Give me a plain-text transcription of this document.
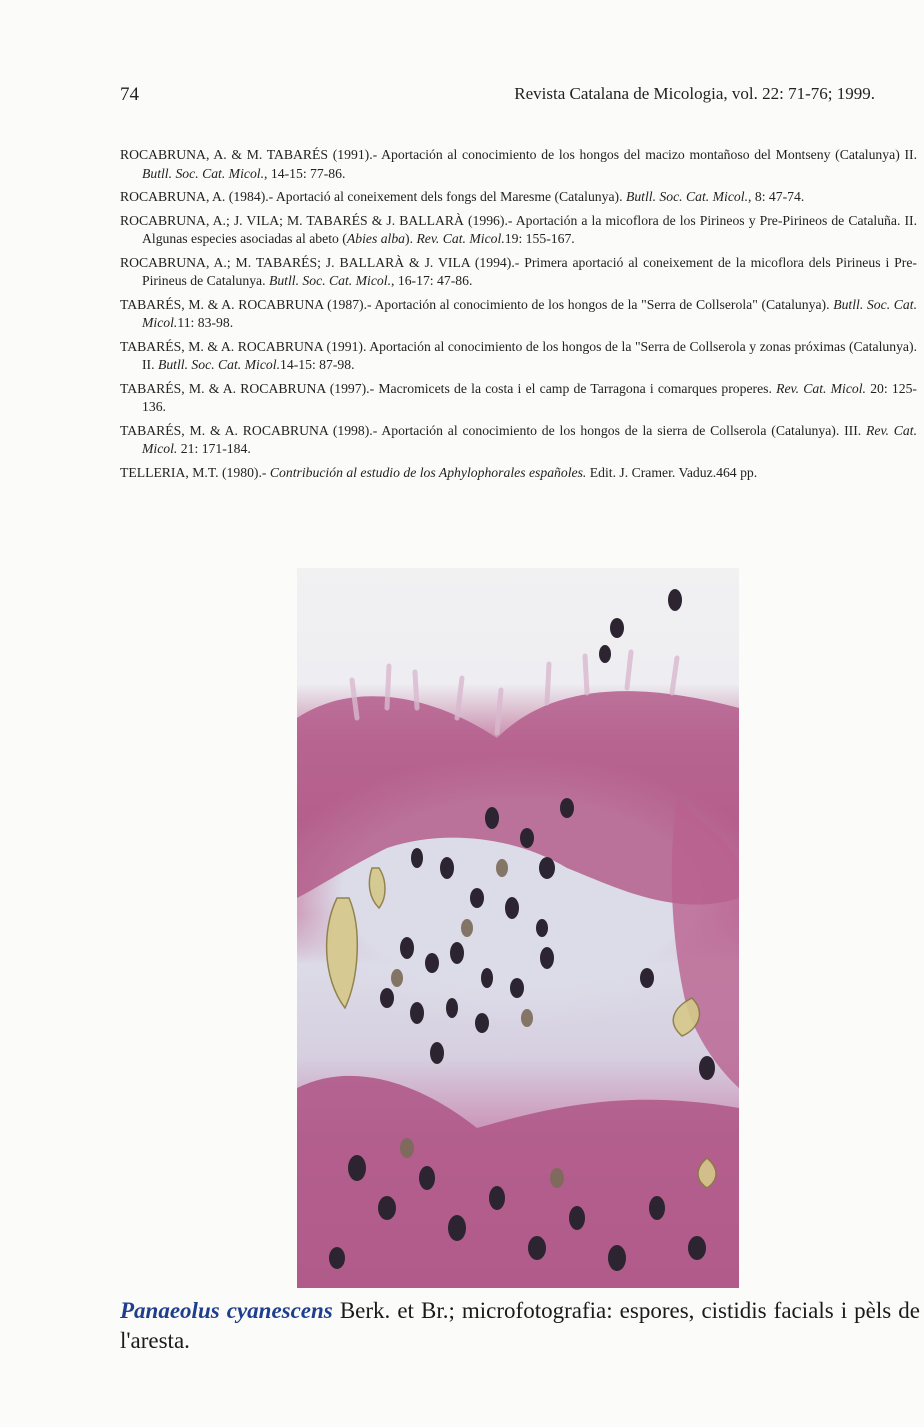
74	Revista Catalana de Micologia, vol. 22: 71-76; 1999.

ROCABRUNA, A. & M. TABARÉS (1991).- Aportación al conocimiento de los hongos del macizo montañoso del Montseny (Catalunya) II. Butll. Soc. Cat. Micol., 14-15: 77-86.

ROCABRUNA, A. (1984).- Aportació al coneixement dels fongs del Maresme (Catalunya). Butll. Soc. Cat. Micol., 8: 47-74.

ROCABRUNA, A.; J. VILA; M. TABARÉS & J. BALLARÀ (1996).- Aportación a la micoflora de los Pirineos y Pre-Pirineos de Cataluña. II. Algunas especies asociadas al abeto (Abies alba). Rev. Cat. Micol.19: 155-167.

ROCABRUNA, A.; M. TABARÉS; J. BALLARÀ & J. VILA (1994).- Primera aportació al coneixement de la micoflora dels Pirineus i Pre-Pirineus de Catalunya. Butll. Soc. Cat. Micol., 16-17: 47-86.

TABARÉS, M. & A. ROCABRUNA (1987).- Aportación al conocimiento de los hongos de la "Serra de Collserola" (Catalunya). Butll. Soc. Cat. Micol.11: 83-98.

TABARÉS, M. & A. ROCABRUNA (1991). Aportación al conocimiento de los hongos de la "Serra de Collserola y zonas próximas (Catalunya). II. Butll. Soc. Cat. Micol.14-15: 87-98.

TABARÉS, M. & A. ROCABRUNA (1997).- Macromicets de la costa i el camp de Tarragona i comarques properes. Rev. Cat. Micol. 20: 125-136.

TABARÉS, M. & A. ROCABRUNA (1998).- Aportación al conocimiento de los hongos de la sierra de Collserola (Catalunya). III. Rev. Cat. Micol. 21: 171-184.

TELLERIA, M.T. (1980).- Contribución al estudio de los Aphylophorales españoles. Edit. J. Cramer. Vaduz.464 pp.

Panaeolus cyanescens Berk. et Br.; microfotografia: espores, cistidis facials i pèls de l'aresta.
